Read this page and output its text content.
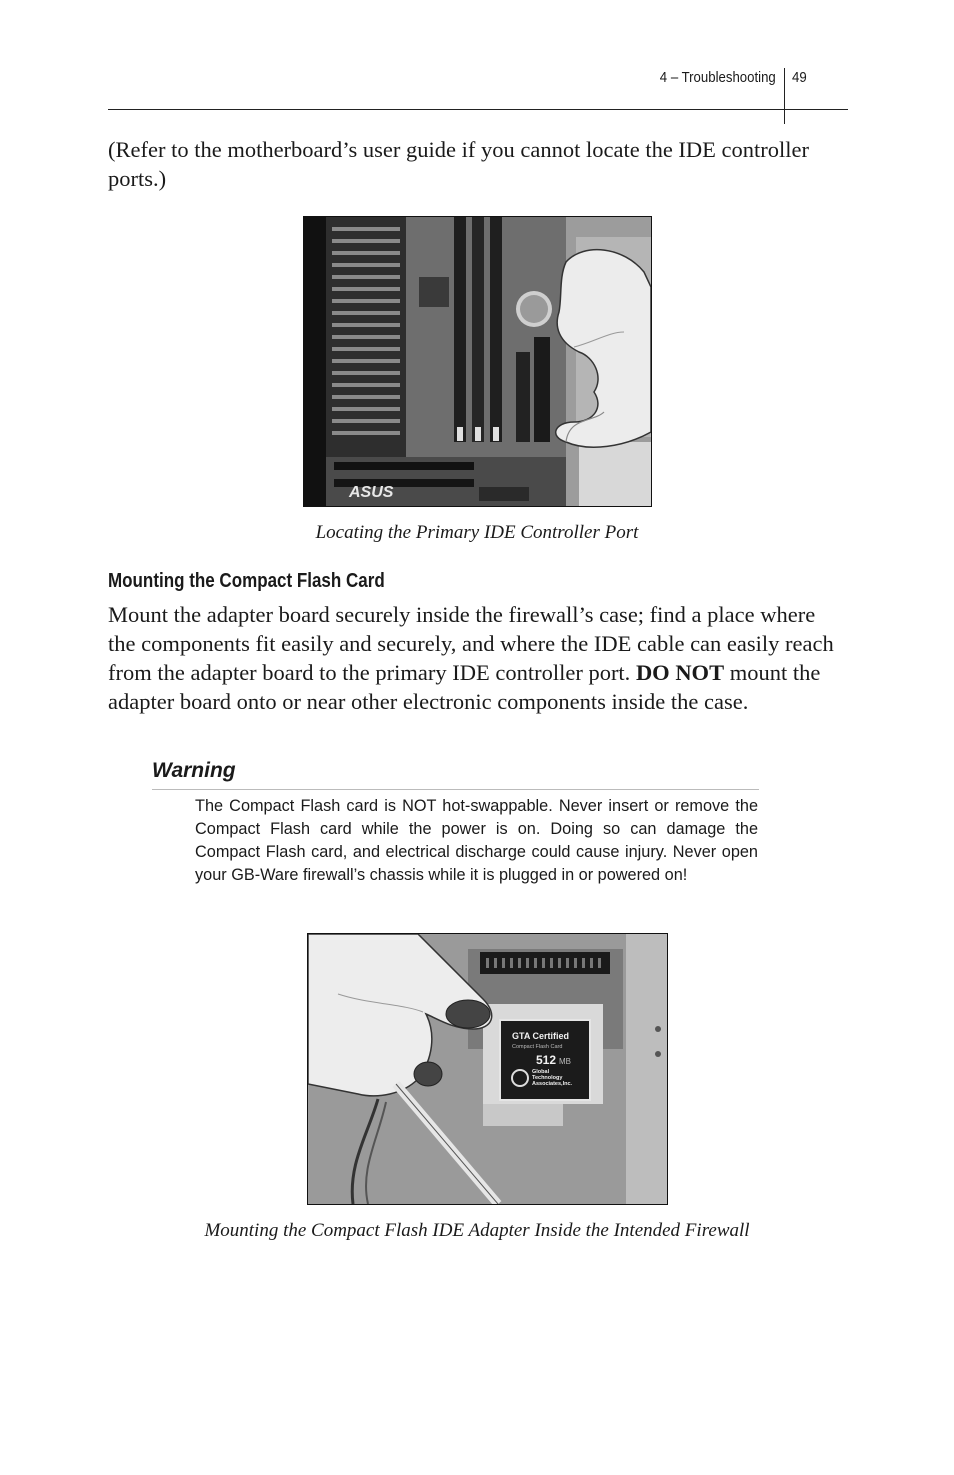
4 – Troubleshooting 49

(Refer to the motherboard’s user guide if you cannot locate the IDE controller ports.)

ASUS

Locating the Primary IDE Controller Port

Mounting the Compact Flash Card

Mount the adapter board securely inside the firewall’s case; find a place where the components fit easily and securely, and where the IDE cable can easily reach from the adapter board to the primary IDE controller port. DO NOT mount the adapter board onto or near other electronic components inside the case.

Warning

The Compact Flash card is NOT hot-swappable. Never insert or remove the Compact Flash card while the power is on. Doing so can damage the Compact Flash card, and electrical discharge could cause injury. Never open your GB-Ware firewall’s chassis while it is plugged in or powered on!

GTA Certified
Compact Flash Card
512 MB
Global
Technology
Associates,Inc.

Mounting the Compact Flash IDE Adapter Inside the Intended Firewall
